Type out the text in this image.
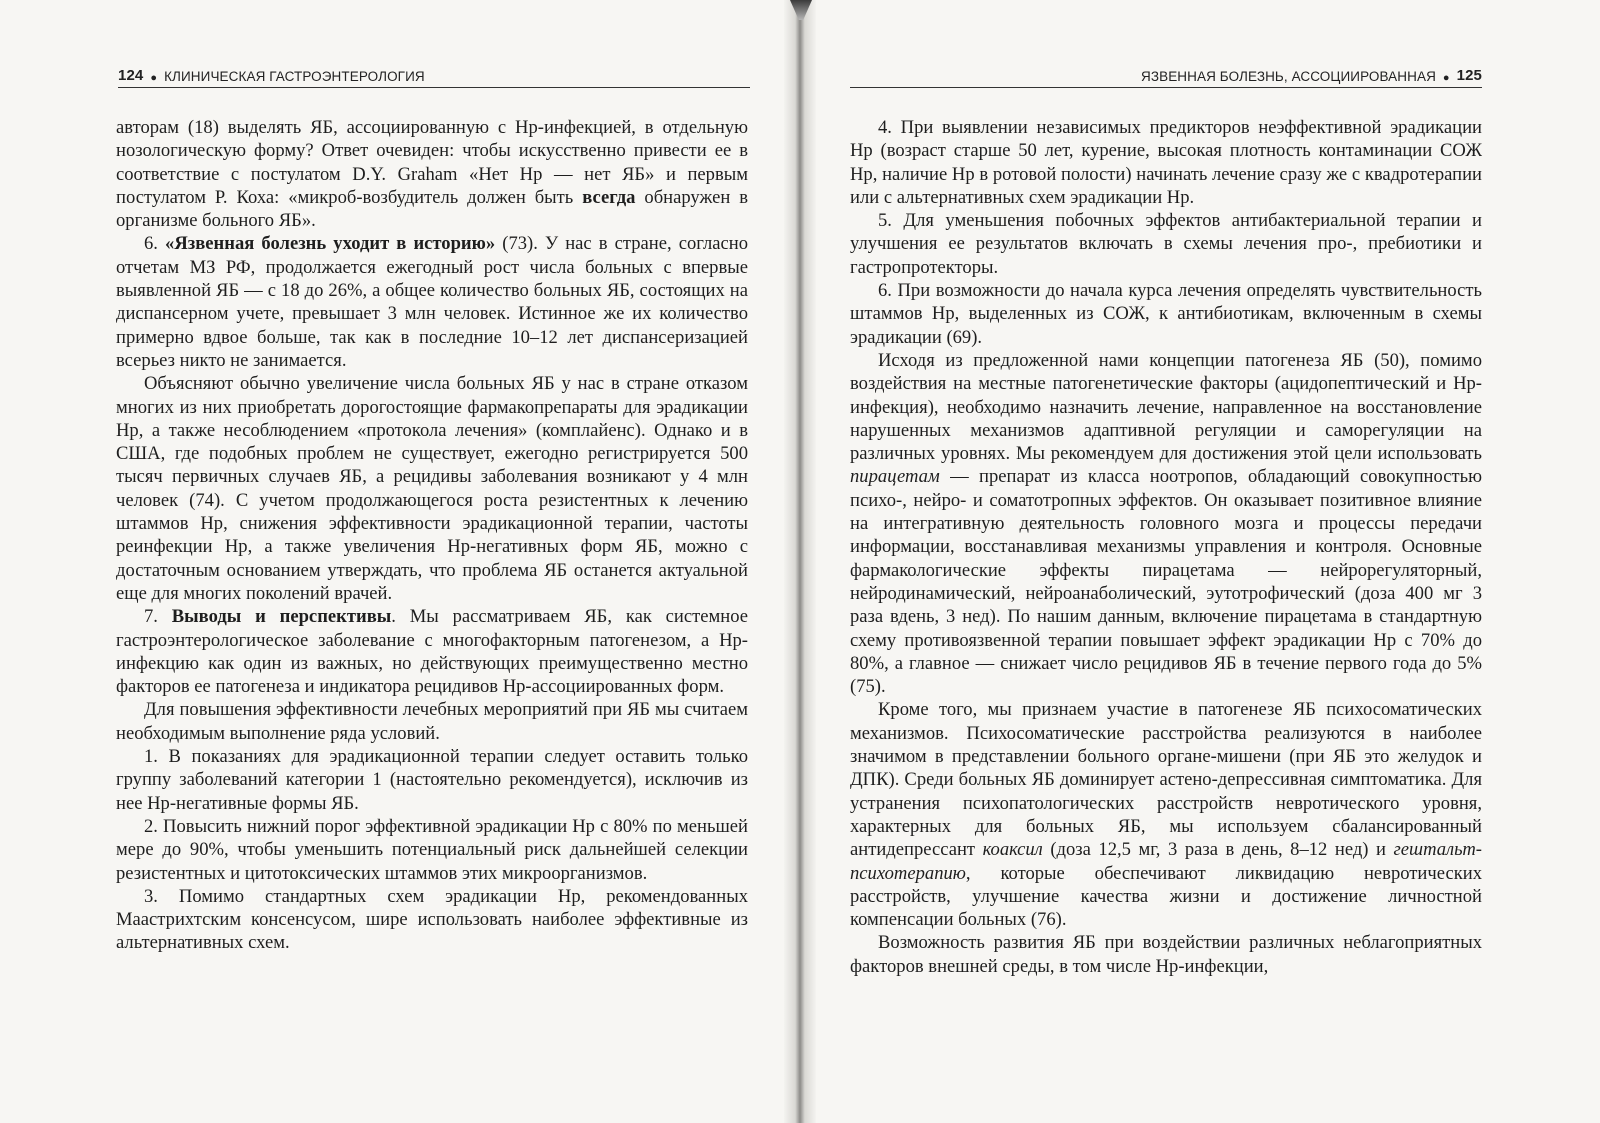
124 ● КЛИНИЧЕСКАЯ ГАСТРОЭНТЕРОЛОГИЯ	ЯЗВЕННАЯ БОЛЕЗНЬ, АССОЦИИРОВАННАЯ ● 125

авторам (18) выделять ЯБ, ассоциированную с Нр-инфекцией, в отдельную нозологическую форму? Ответ очевиден: чтобы искусственно привести ее в соответствие с постулатом D.Y. Graham «Нет Нр — нет ЯБ» и первым постулатом Р. Коха: «микроб-возбудитель должен быть всегда обнаружен в организме больного ЯБ».

6. «Язвенная болезнь уходит в историю» (73). У нас в стране, согласно отчетам МЗ РФ, продолжается ежегодный рост числа больных с впервые выявленной ЯБ — с 18 до 26%, а общее количество больных ЯБ, состоящих на диспансерном учете, превышает 3 млн человек. Истинное же их количество примерно вдвое больше, так как в последние 10–12 лет диспансеризацией всерьез никто не занимается.

Объясняют обычно увеличение числа больных ЯБ у нас в стране отказом многих из них приобретать дорогостоящие фармакопрепараты для эрадикации Нр, а также несоблюдением «протокола лечения» (комплайенс). Однако и в США, где подобных проблем не существует, ежегодно регистрируется 500 тысяч первичных случаев ЯБ, а рецидивы заболевания возникают у 4 млн человек (74). С учетом продолжающегося роста резистентных к лечению штаммов Нр, снижения эффективности эрадикационной терапии, частоты реинфекции Нр, а также увеличения Нр-негативных форм ЯБ, можно с достаточным основанием утверждать, что проблема ЯБ останется актуальной еще для многих поколений врачей.

7. Выводы и перспективы. Мы рассматриваем ЯБ, как системное гастроэнтерологическое заболевание с многофакторным патогенезом, а Нр-инфекцию как один из важных, но действующих преимущественно местно факторов ее патогенеза и индикатора рецидивов Нр-ассоциированных форм.

Для повышения эффективности лечебных мероприятий при ЯБ мы считаем необходимым выполнение ряда условий.

1. В показаниях для эрадикационной терапии следует оставить только группу заболеваний категории 1 (настоятельно рекомендуется), исключив из нее Нр-негативные формы ЯБ.

2. Повысить нижний порог эффективной эрадикации Нр с 80% по меньшей мере до 90%, чтобы уменьшить потенциальный риск дальнейшей селекции резистентных и цитотоксических штаммов этих микроорганизмов.

3. Помимо стандартных схем эрадикации Нр, рекомендованных Маастрихтским консенсусом, шире использовать наиболее эффективные из альтернативных схем.

4. При выявлении независимых предикторов неэффективной эрадикации Нр (возраст старше 50 лет, курение, высокая плотность контаминации СОЖ Нр, наличие Нр в ротовой полости) начинать лечение сразу же с квадротерапии или с альтернативных схем эрадикации Нр.

5. Для уменьшения побочных эффектов антибактериальной терапии и улучшения ее результатов включать в схемы лечения про-, пребиотики и гастропротекторы.

6. При возможности до начала курса лечения определять чувствительность штаммов Нр, выделенных из СОЖ, к антибиотикам, включенным в схемы эрадикации (69).

Исходя из предложенной нами концепции патогенеза ЯБ (50), помимо воздействия на местные патогенетические факторы (ацидопептический и Нр-инфекция), необходимо назначить лечение, направленное на восстановление нарушенных механизмов адаптивной регуляции и саморегуляции на различных уровнях. Мы рекомендуем для достижения этой цели использовать пирацетам — препарат из класса ноотропов, обладающий совокупностью психо-, нейро- и соматотропных эффектов. Он оказывает позитивное влияние на интегративную деятельность головного мозга и процессы передачи информации, восстанавливая механизмы управления и контроля. Основные фармакологические эффекты пирацетама — нейрорегуляторный, нейродинамический, нейроанаболический, эутотрофический (доза 400 мг 3 раза вдень, 3 нед). По нашим данным, включение пирацетама в стандартную схему противоязвенной терапии повышает эффект эрадикации Нр с 70% до 80%, а главное — снижает число рецидивов ЯБ в течение первого года до 5% (75).

Кроме того, мы признаем участие в патогенезе ЯБ психосоматических механизмов. Психосоматические расстройства реализуются в наиболее значимом в представлении больного органе-мишени (при ЯБ это желудок и ДПК). Среди больных ЯБ доминирует астено-депрессивная симптоматика. Для устранения психопатологических расстройств невротического уровня, характерных для больных ЯБ, мы используем сбалансированный антидепрессант коаксил (доза 12,5 мг, 3 раза в день, 8–12 нед) и гештальт-психотерапию, которые обеспечивают ликвидацию невротических расстройств, улучшение качества жизни и достижение личностной компенсации больных (76).

Возможность развития ЯБ при воздействии различных неблагоприятных факторов внешней среды, в том числе Нр-инфекции,
